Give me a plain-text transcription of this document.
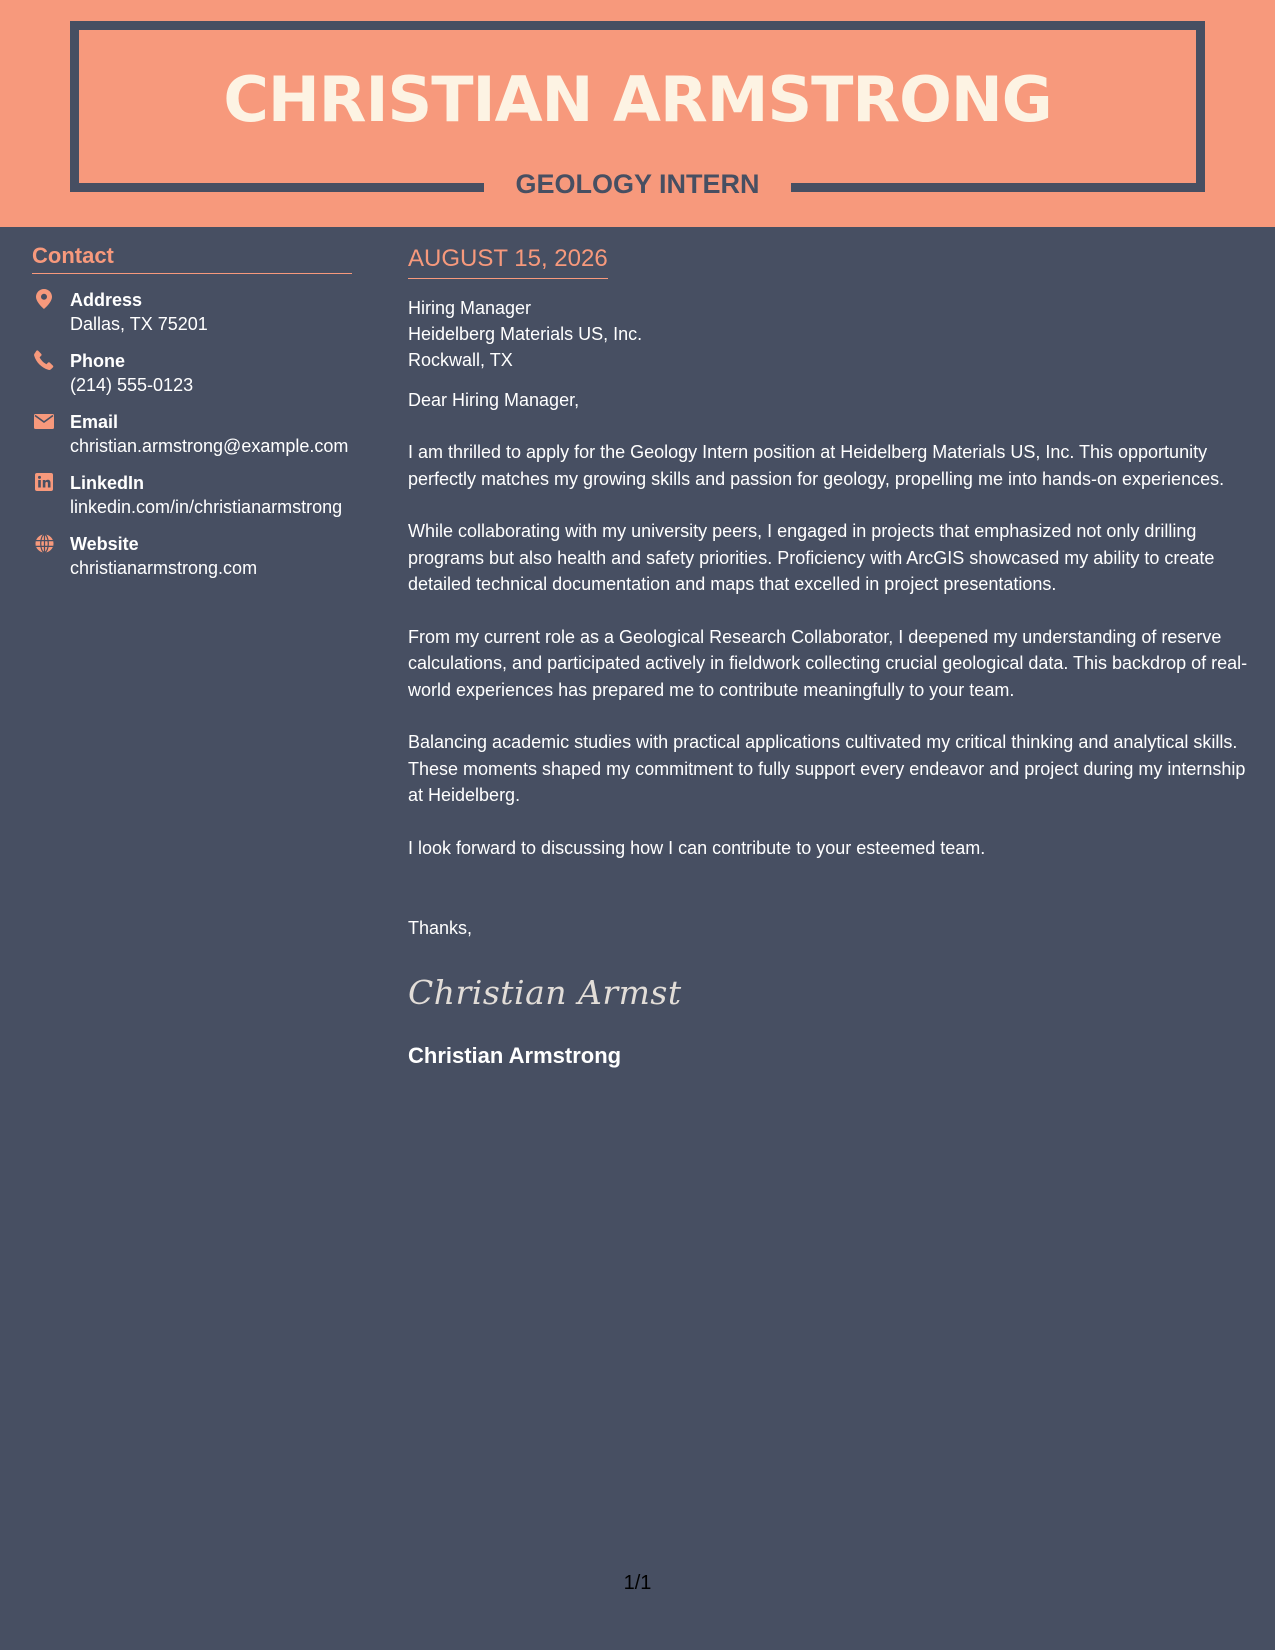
CHRISTIAN ARMSTRONG
GEOLOGY INTERN
Contact
Address
Dallas, TX 75201
Phone
(214) 555-0123
Email
christian.armstrong@example.com
LinkedIn
linkedin.com/in/christianarmstrong
Website
christianarmstrong.com
AUGUST 15, 2026
Hiring Manager
Heidelberg Materials US, Inc.
Rockwall, TX
Dear Hiring Manager,

I am thrilled to apply for the Geology Intern position at Heidelberg Materials US, Inc. This opportunity perfectly matches my growing skills and passion for geology, propelling me into hands-on experiences.

While collaborating with my university peers, I engaged in projects that emphasized not only drilling programs but also health and safety priorities. Proficiency with ArcGIS showcased my ability to create detailed technical documentation and maps that excelled in project presentations.

From my current role as a Geological Research Collaborator, I deepened my understanding of reserve calculations, and participated actively in fieldwork collecting crucial geological data. This backdrop of real-world experiences has prepared me to contribute meaningfully to your team.

Balancing academic studies with practical applications cultivated my critical thinking and analytical skills. These moments shaped my commitment to fully support every endeavor and project during my internship at Heidelberg.

I look forward to discussing how I can contribute to your esteemed team.

Thanks,
Christian Armst
Christian Armstrong
1/1
